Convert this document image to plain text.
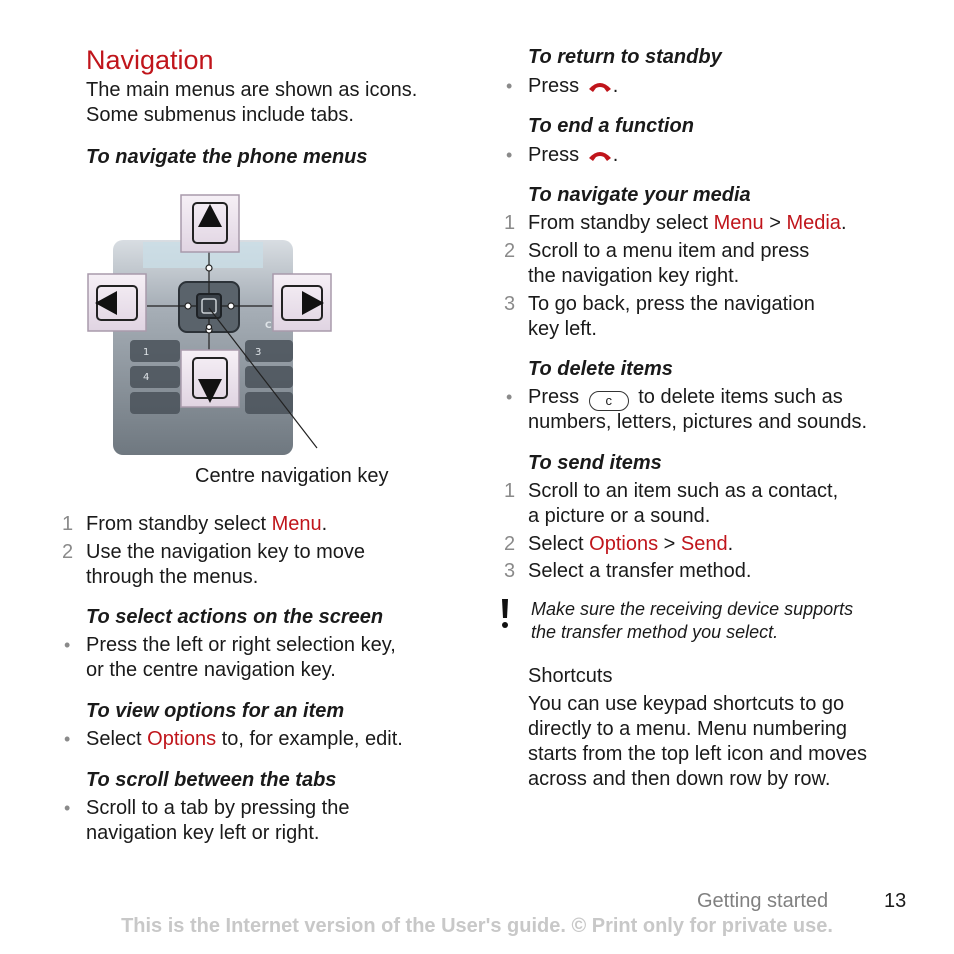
Navigation
The main menus are shown as icons.
Some submenus include tabs.
To navigate the phone menus
1	3
4
C
Centre navigation key
1 From standby select Menu.
2 Use the navigation key to move
through the menus.
To select actions on the screen
• Press the left or right selection key,
or the centre navigation key.
To view options for an item
• Select Options to, for example, edit.
To scroll between the tabs
• Scroll to a tab by pressing the
navigation key left or right.
To return to standby
• Press .
To end a function
• Press .
To navigate your media
1 From standby select Menu > Media.
2 Scroll to a menu item and press
the navigation key right.
3 To go back, press the navigation
key left.
To delete items
• Press c to delete items such as
numbers, letters, pictures and sounds.
To send items
1 Scroll to an item such as a contact,
a picture or a sound.
2 Select Options > Send.
3 Select a transfer method.
Make sure the receiving device supports
the transfer method you select.
Shortcuts
You can use keypad shortcuts to go
directly to a menu. Menu numbering
starts from the top left icon and moves
across and then down row by row.
Getting started	13
This is the Internet version of the User's guide. © Print only for private use.
